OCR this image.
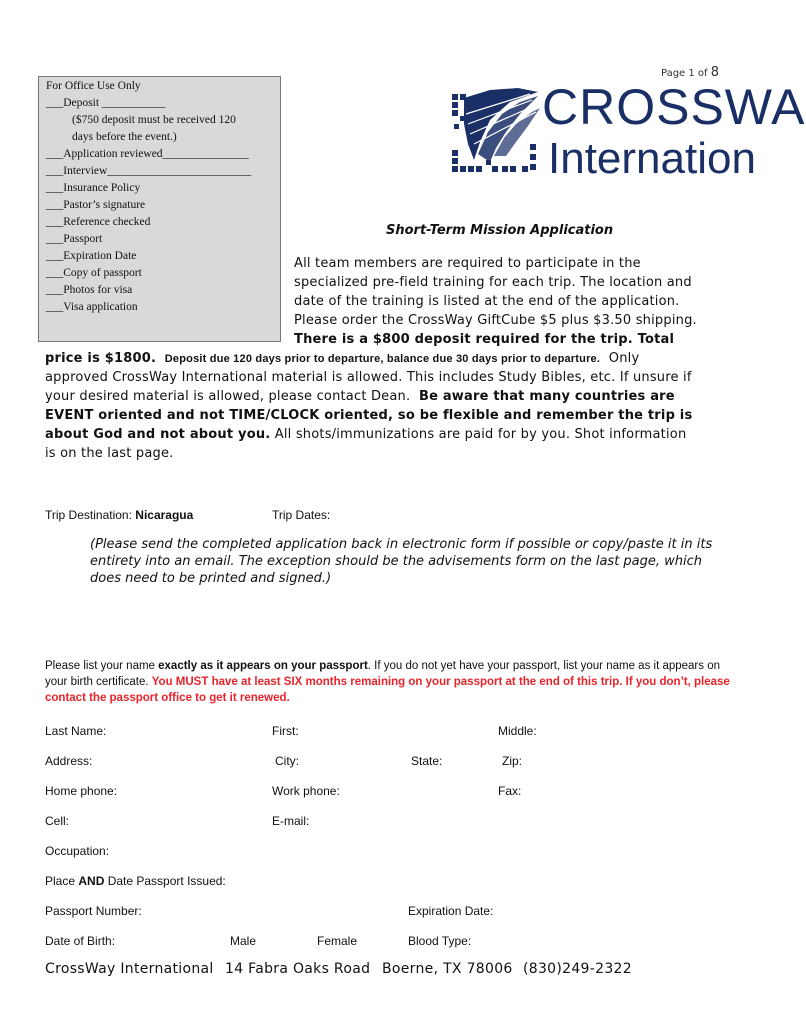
Page 1 of 8
For Office Use Only
___Deposit ___________
($750 deposit must be received 120
days before the event.)
___Application reviewed_______________
___Interview_________________________
___Insurance Policy
___Pastor’s signature
___Reference checked
___Passport
___Expiration Date
___Copy of passport
___Photos for visa
___Visa application
CROSSWA
Internation
Short-Term Mission Application
All team members are required to participate in the
specialized pre-field training for each trip. The location and
date of the training is listed at the end of the application.
Please order the CrossWay GiftCube $5 plus $3.50 shipping.
There is a $800 deposit required for the trip. Total
price is $1800. Deposit due 120 days prior to departure, balance due 30 days prior to departure. Only
approved CrossWay International material is allowed. This includes Study Bibles, etc. If unsure if
your desired material is allowed, please contact Dean. Be aware that many countries are
EVENT oriented and not TIME/CLOCK oriented, so be flexible and remember the trip is
about God and not about you. All shots/immunizations are paid for by you. Shot information
is on the last page.
Trip Destination: Nicaragua	Trip Dates:
(Please send the completed application back in electronic form if possible or copy/paste it in its entirety into an email. The exception should be the advisements form on the last page, which does need to be printed and signed.)
Please list your name exactly as it appears on your passport. If you do not yet have your passport, list your name as it appears on your birth certificate. You MUST have at least SIX months remaining on your passport at the end of this trip. If you don’t, please contact the passport office to get it renewed.
Last Name:	First:	Middle:
Address:	City:	State:	Zip:
Home phone:	Work phone:	Fax:
Cell:	E-mail:
Occupation:
Place AND Date Passport Issued:
Passport Number:	Expiration Date:
Date of Birth:	Male	Female	Blood Type:
CrossWay International 14 Fabra Oaks Road Boerne, TX 78006 (830)249-2322
